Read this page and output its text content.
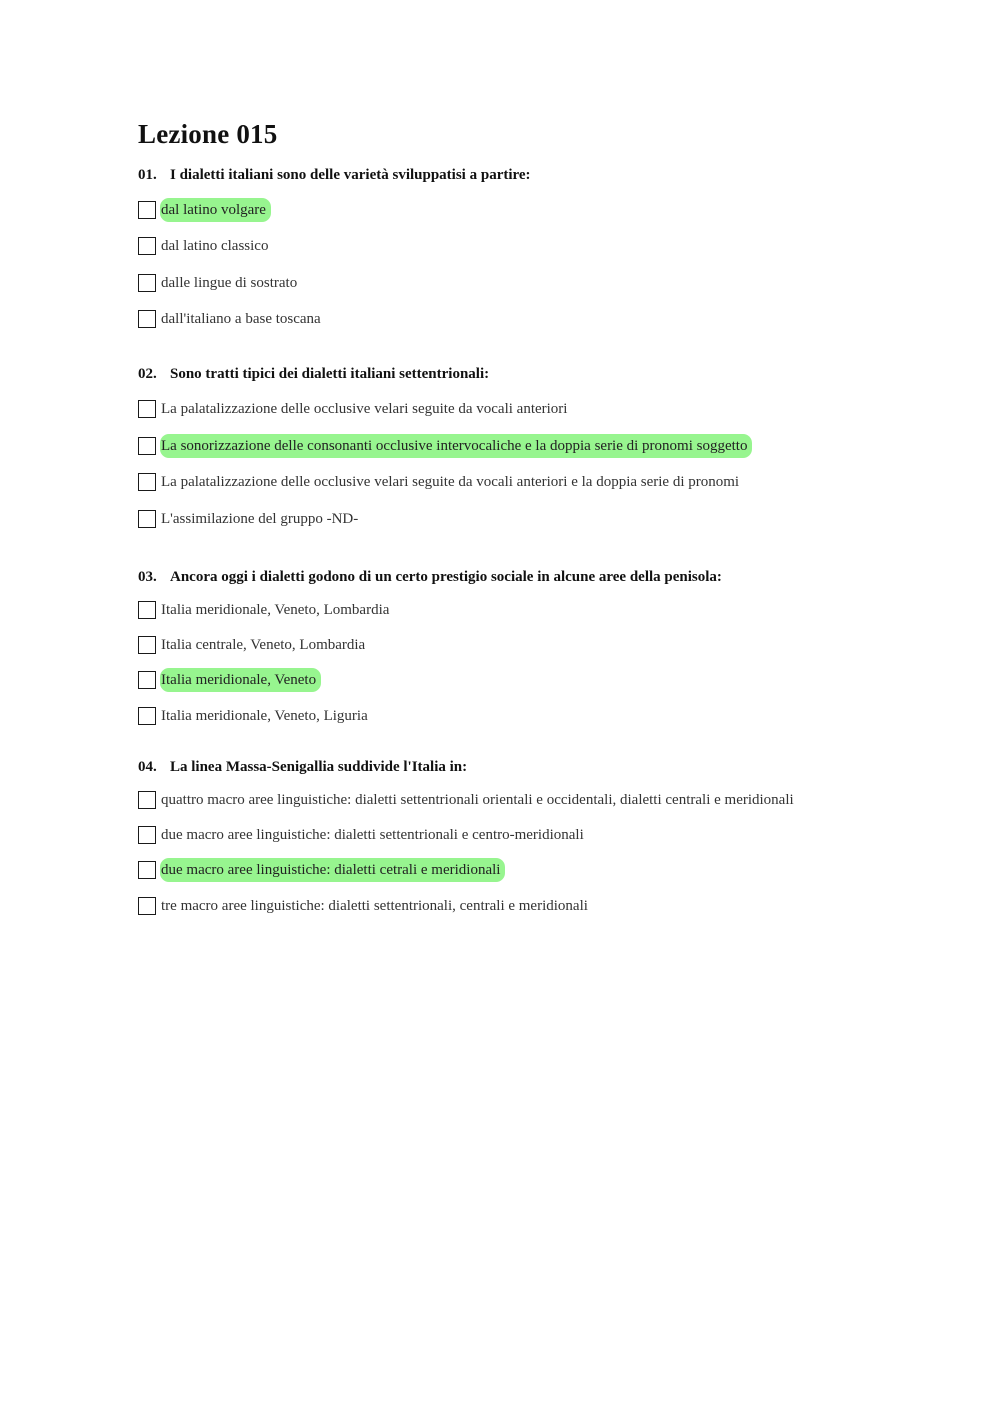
Lezione 015
01. I dialetti italiani sono delle varietà sviluppatisi a partire:
dal latino volgare
dal latino classico
dalle lingue di sostrato
dall'italiano a base toscana
02. Sono tratti tipici dei dialetti italiani settentrionali:
La palatalizzazione delle occlusive velari seguite da vocali anteriori
La sonorizzazione delle consonanti occlusive intervocaliche e la doppia serie di pronomi soggetto
La palatalizzazione delle occlusive velari seguite da vocali anteriori e la doppia serie di pronomi
L'assimilazione del gruppo -ND-
03. Ancora oggi i dialetti godono di un certo prestigio sociale in alcune aree della penisola:
Italia meridionale, Veneto, Lombardia
Italia centrale, Veneto, Lombardia
Italia meridionale, Veneto
Italia meridionale, Veneto, Liguria
04. La linea Massa-Senigallia suddivide l'Italia in:
quattro macro aree linguistiche: dialetti settentrionali orientali e occidentali, dialetti centrali e meridionali
due macro aree linguistiche: dialetti settentrionali e centro-meridionali
due macro aree linguistiche: dialetti cetrali e meridionali
tre macro aree linguistiche: dialetti settentrionali, centrali e meridionali
